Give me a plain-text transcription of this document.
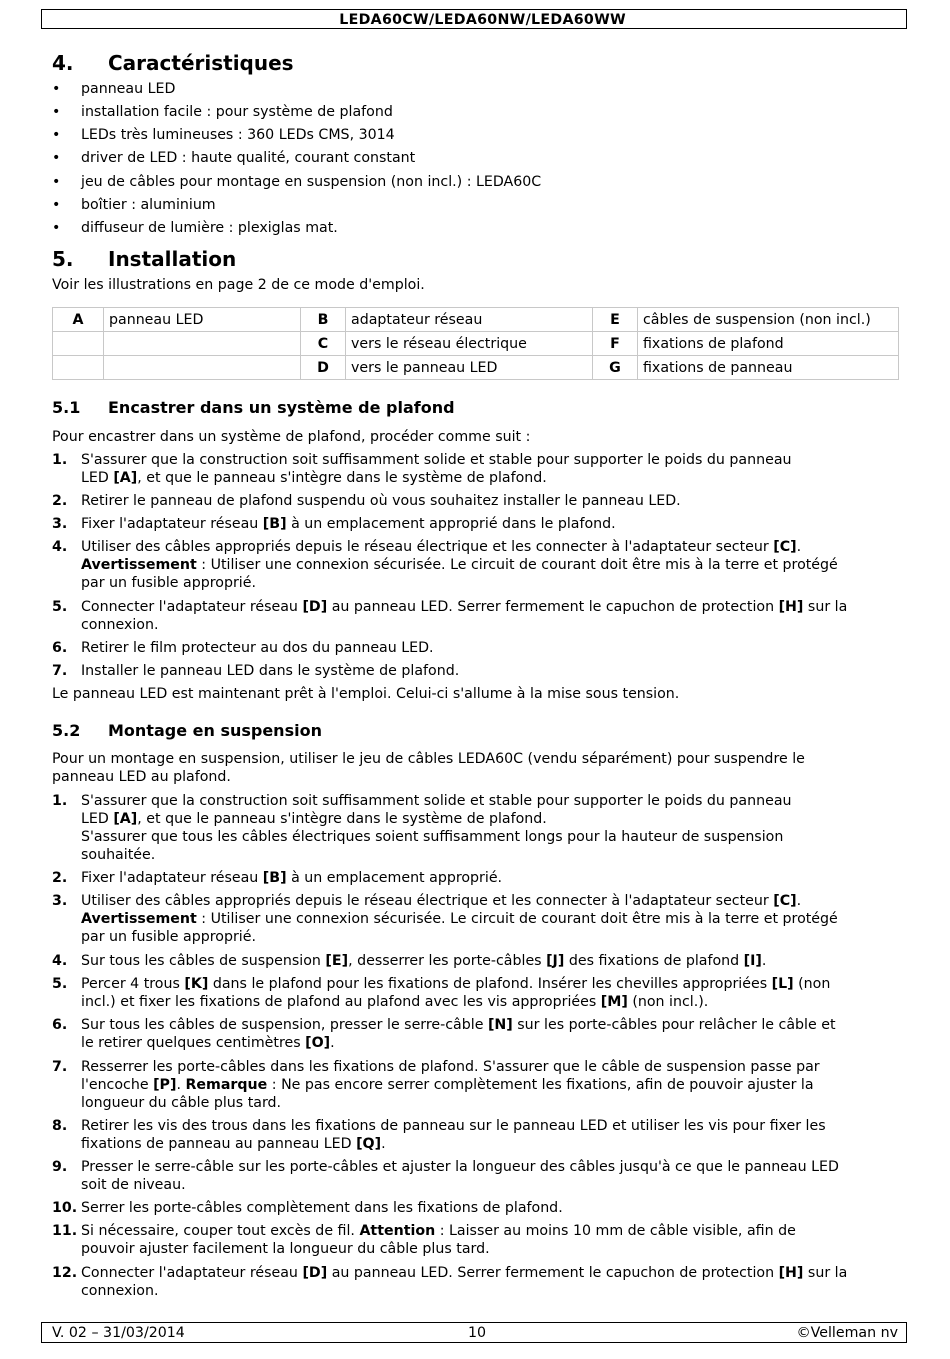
LEDA60CW/LEDA60NW/LEDA60WW
4. Caractéristiques
• panneau LED
• installation facile : pour système de plafond
• LEDs très lumineuses : 360 LEDs CMS, 3014
• driver de LED : haute qualité, courant constant
• jeu de câbles pour montage en suspension (non incl.) : LEDA60C
• boîtier : aluminium
• diffuseur de lumière : plexiglas mat.
5. Installation
Voir les illustrations en page 2 de ce mode d'emploi.
A	panneau LED	B	adaptateur réseau	E	câbles de suspension (non incl.)
		C	vers le réseau électrique	F	fixations de plafond
		D	vers le panneau LED	G	fixations de panneau
5.1 Encastrer dans un système de plafond
Pour encastrer dans un système de plafond, procéder comme suit :
1. S'assurer que la construction soit suffisamment solide et stable pour supporter le poids du panneau
LED [A], et que le panneau s'intègre dans le système de plafond.
2. Retirer le panneau de plafond suspendu où vous souhaitez installer le panneau LED.
3. Fixer l'adaptateur réseau [B] à un emplacement approprié dans le plafond.
4. Utiliser des câbles appropriés depuis le réseau électrique et les connecter à l'adaptateur secteur [C].
Avertissement : Utiliser une connexion sécurisée. Le circuit de courant doit être mis à la terre et protégé
par un fusible approprié.
5. Connecter l'adaptateur réseau [D] au panneau LED. Serrer fermement le capuchon de protection [H] sur la
connexion.
6. Retirer le film protecteur au dos du panneau LED.
7. Installer le panneau LED dans le système de plafond.
Le panneau LED est maintenant prêt à l'emploi. Celui-ci s'allume à la mise sous tension.
5.2 Montage en suspension
Pour un montage en suspension, utiliser le jeu de câbles LEDA60C (vendu séparément) pour suspendre le
panneau LED au plafond.
1. S'assurer que la construction soit suffisamment solide et stable pour supporter le poids du panneau
LED [A], et que le panneau s'intègre dans le système de plafond.
S'assurer que tous les câbles électriques soient suffisamment longs pour la hauteur de suspension
souhaitée.
2. Fixer l'adaptateur réseau [B] à un emplacement approprié.
3. Utiliser des câbles appropriés depuis le réseau électrique et les connecter à l'adaptateur secteur [C].
Avertissement : Utiliser une connexion sécurisée. Le circuit de courant doit être mis à la terre et protégé
par un fusible approprié.
4. Sur tous les câbles de suspension [E], desserrer les porte-câbles [J] des fixations de plafond [I].
5. Percer 4 trous [K] dans le plafond pour les fixations de plafond. Insérer les chevilles appropriées [L] (non
incl.) et fixer les fixations de plafond au plafond avec les vis appropriées [M] (non incl.).
6. Sur tous les câbles de suspension, presser le serre-câble [N] sur les porte-câbles pour relâcher le câble et
le retirer quelques centimètres [O].
7. Resserrer les porte-câbles dans les fixations de plafond. S'assurer que le câble de suspension passe par
l'encoche [P]. Remarque : Ne pas encore serrer complètement les fixations, afin de pouvoir ajuster la
longueur du câble plus tard.
8. Retirer les vis des trous dans les fixations de panneau sur le panneau LED et utiliser les vis pour fixer les
fixations de panneau au panneau LED [Q].
9. Presser le serre-câble sur les porte-câbles et ajuster la longueur des câbles jusqu'à ce que le panneau LED
soit de niveau.
10. Serrer les porte-câbles complètement dans les fixations de plafond.
11. Si nécessaire, couper tout excès de fil. Attention : Laisser au moins 10 mm de câble visible, afin de
pouvoir ajuster facilement la longueur du câble plus tard.
12. Connecter l'adaptateur réseau [D] au panneau LED. Serrer fermement le capuchon de protection [H] sur la
connexion.
V. 02 – 31/03/2014	10	©Velleman nv
